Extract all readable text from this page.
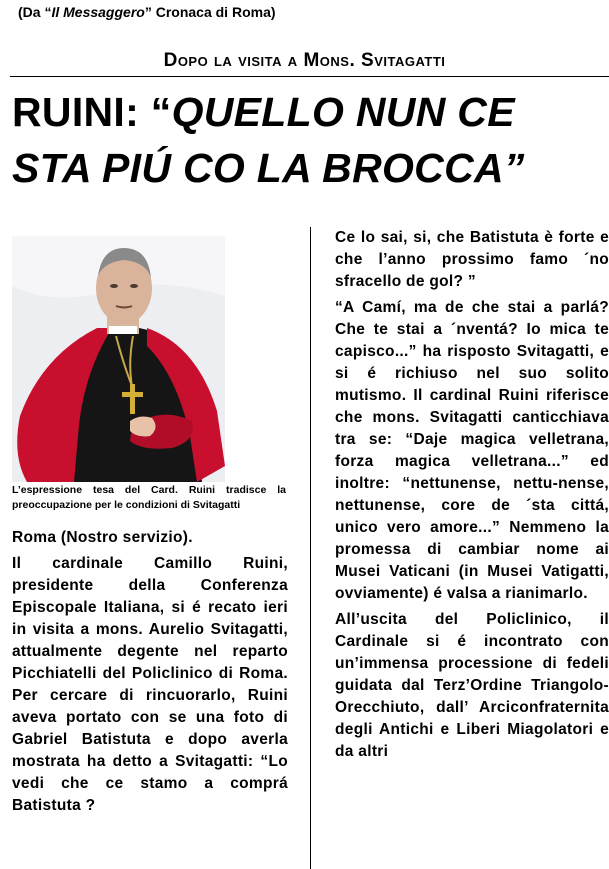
(Da “Il Messaggero” Cronaca di Roma)
Dopo la visita a Mons. Svitagatti
RUINI: “QUELLO NUN CE
STA PIÚ CO LA BROCCA”
L’espressione tesa del Card. Ruini tradisce la preoccupazione per le condizioni di Svitagatti

Roma (Nostro servizio).

Il cardinale Camillo Ruini, presidente della Conferenza Episcopale Italiana, si é recato ieri in visita a mons. Aurelio Svitagatti, attualmente degente nel reparto Picchiatelli del Policlinico di Roma. Per cercare di rincuorarlo, Ruini aveva portato con se una foto di Gabriel Batistuta e dopo averla mostrata ha detto a Svitagatti: “Lo vedi che ce stamo a comprá Batistuta ?

Ce lo sai, si, che Batistuta è forte e che l’anno prossimo famo ´no sfracello de gol? ”

“A Camí, ma de che stai a parlá? Che te stai a ´nventá? Io mica te capisco...” ha risposto Svitagatti, e si é richiuso nel suo solito mutismo. Il cardinal Ruini riferisce che mons. Svitagatti canticchiava tra se: “Daje magica velletrana, forza magica velletrana...” ed inoltre: “nettunense, nettu-nense, nettunense, core de ´sta cittá, unico vero amore...” Nemmeno la promessa di cambiar nome ai Musei Vaticani (in Musei Vatigatti, ovviamente) é valsa a rianimarlo.

All’uscita del Policlinico, il Cardinale si é incontrato con un’immensa processione di fedeli guidata dal Terz’Ordine Triangolo-Orecchiuto, dall’ Arciconfraternita degli Antichi e Liberi Miagolatori e da altri
